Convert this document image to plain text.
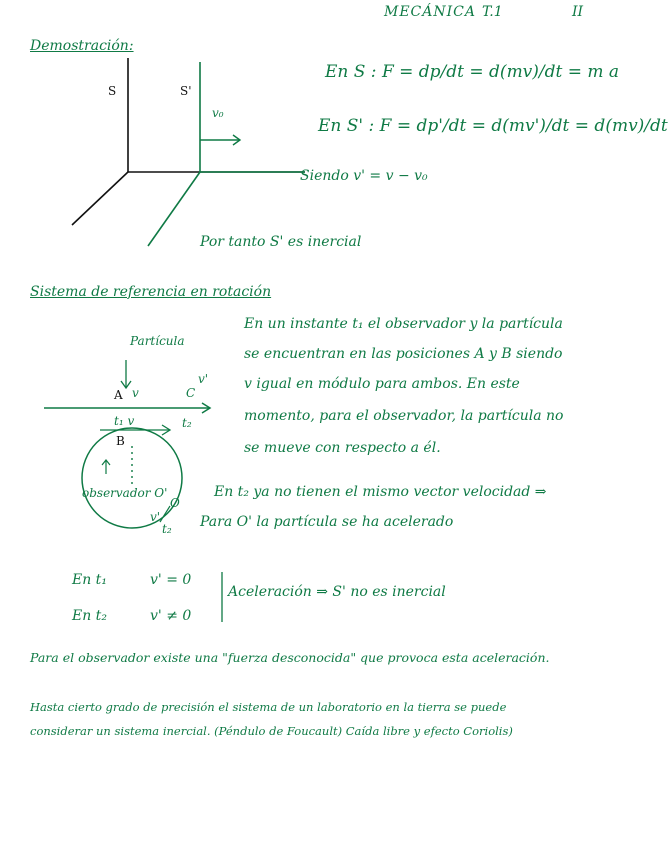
MECÁNICA T.1	II
Demostración:
S	S'
v₀
En S : F = dp/dt = d(mv)/dt = m a
En S' : F = dp'/dt = d(mv')/dt = d(mv)/dt
Siendo v' = v − v₀
Por tanto S' es inercial
Sistema de referencia en rotación
Partícula
A v	C
v'
t₁ v	t₂
B
observador O'
O
v'
t₂
En un instante t₁ el observador y la partícula
se encuentran en las posiciones A y B siendo
v igual en módulo para ambos. En este
momento, para el observador, la partícula no
se mueve con respecto a él.
En t₂ ya no tienen el mismo vector velocidad ⇒
Para O' la partícula se ha acelerado
En t₁	v' = 0
En t₂	v' ≠ 0
Aceleración ⇒ S' no es inercial
Para el observador existe una "fuerza desconocida" que provoca esta aceleración.
Hasta cierto grado de precisión el sistema de un laboratorio en la tierra se puede
considerar un sistema inercial. (Péndulo de Foucault) Caída libre y efecto Coriolis)
